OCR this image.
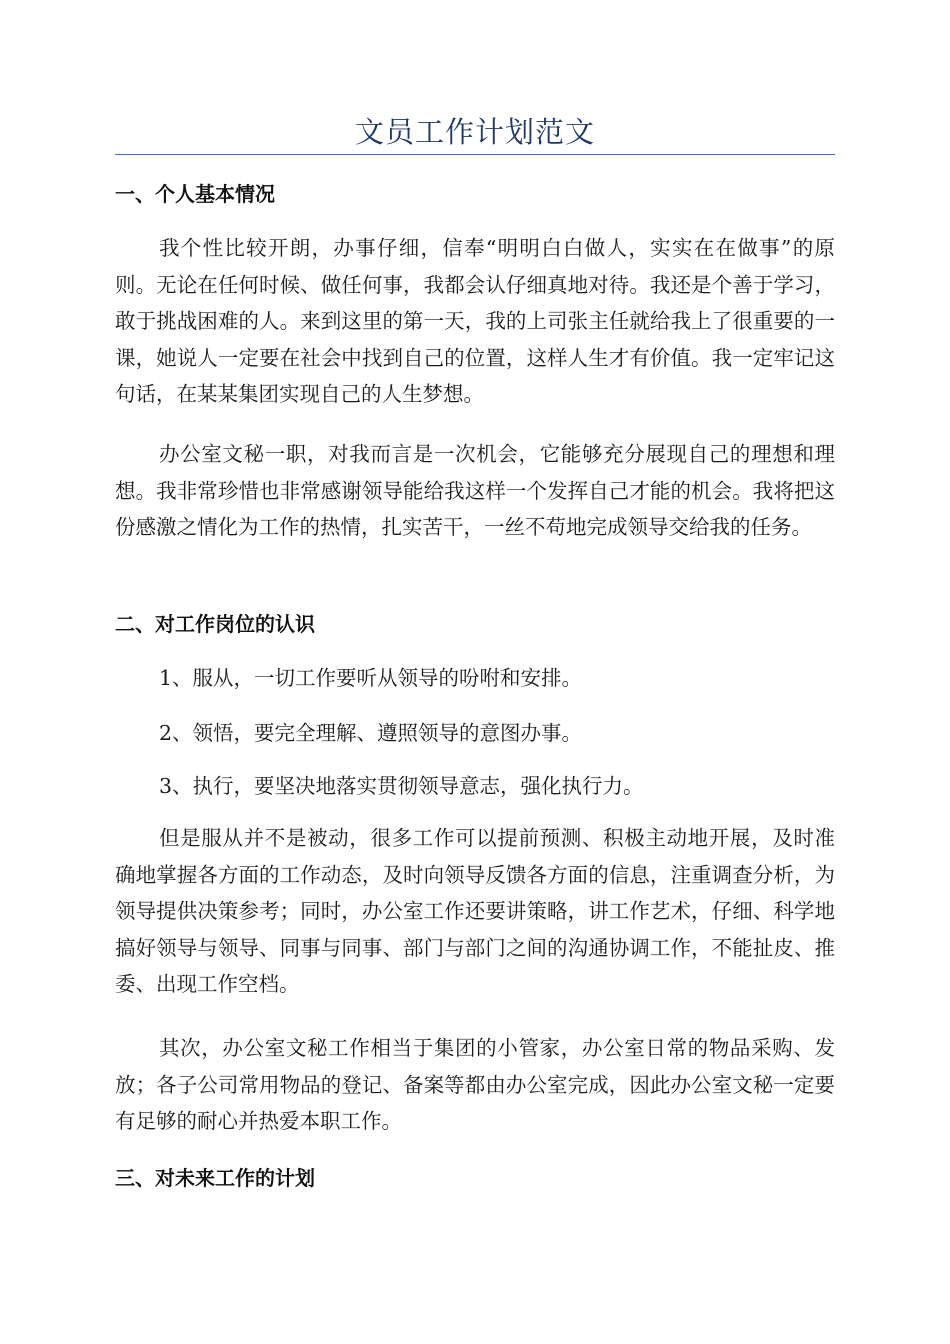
文员工作计划范文
一、个人基本情况

我个性比较开朗，办事仔细，信奉“明明白白做人，实实在在做事”的原则。无论在任何时候、做任何事，我都会认仔细真地对待。我还是个善于学习，敢于挑战困难的人。来到这里的第一天，我的上司张主任就给我上了很重要的一课，她说人一定要在社会中找到自己的位置，这样人生才有价值。我一定牢记这句话，在某某集团实现自己的人生梦想。

办公室文秘一职，对我而言是一次机会，它能够充分展现自己的理想和理想。我非常珍惜也非常感谢领导能给我这样一个发挥自己才能的机会。我将把这份感激之情化为工作的热情，扎实苦干，一丝不苟地完成领导交给我的任务。

二、对工作岗位的认识

1、服从，一切工作要听从领导的吩咐和安排。

2、领悟，要完全理解、遵照领导的意图办事。

3、执行，要坚决地落实贯彻领导意志，强化执行力。

但是服从并不是被动，很多工作可以提前预测、积极主动地开展，及时准确地掌握各方面的工作动态，及时向领导反馈各方面的信息，注重调查分析，为领导提供决策参考；同时，办公室工作还要讲策略，讲工作艺术，仔细、科学地搞好领导与领导、同事与同事、部门与部门之间的沟通协调工作，不能扯皮、推委、出现工作空档。

其次，办公室文秘工作相当于集团的小管家，办公室日常的物品采购、发放；各子公司常用物品的登记、备案等都由办公室完成，因此办公室文秘一定要有足够的耐心并热爱本职工作。

三、对未来工作的计划
